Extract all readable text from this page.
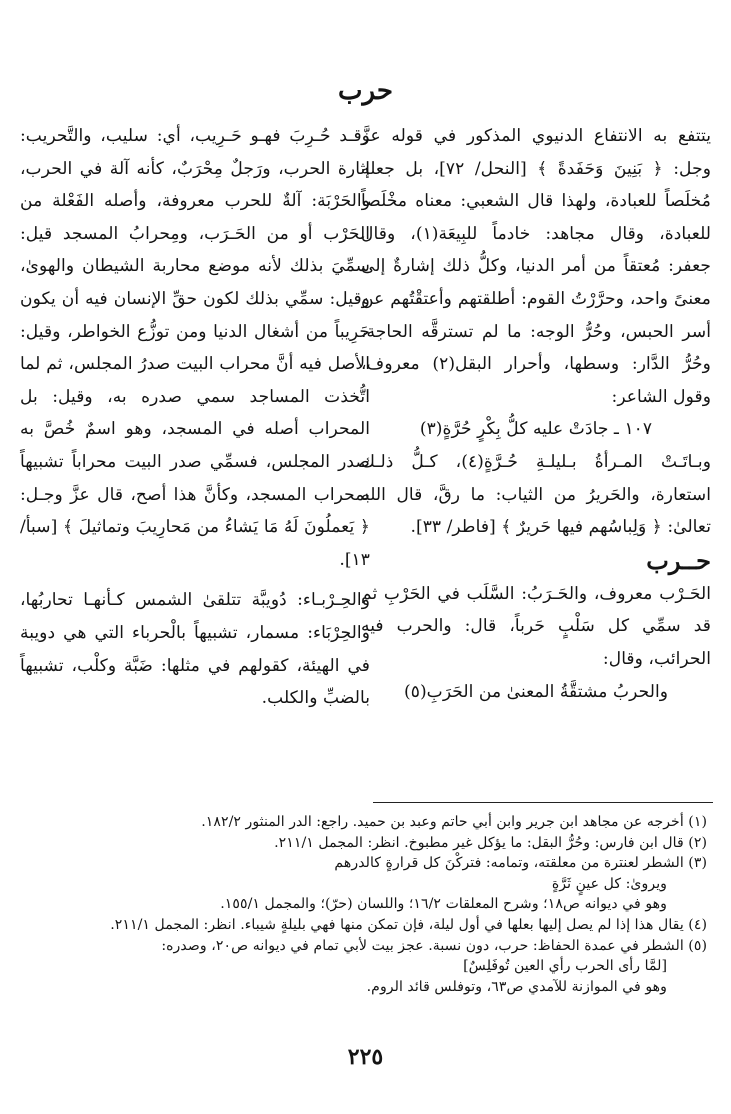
حرب

يتتفع به الانتفاع الدنيوي المذكور في قوله عزَّ وجل: ﴿ بَنِينَ وَحَفَدةً ﴾ [النحل/ ٧٢]، بل جعله مُخلَصاً للعبادة، ولهذا قال الشعبي: معناه مخْلَصاً للعبادة، وقال مجاهد: خادماً للبِيعَة(١)، وقال جعفر: مُعتقاً من أمر الدنيا، وكلُّ ذلك إشارةٌ إلى معنىً واحد، وحرَّرْتُ القوم: أطلقتهم وأعتقْتُهم عن أسر الحبس، وحُرُّ الوجه: ما لم تسترقَّه الحاجة، وحُرُّ الدَّار: وسطها، وأحرار البقل(٢) معروف، وقول الشاعر:

١٠٧ ـ جادَتْ عليه كلُّ بِكْرٍ حُرَّةٍ(٣)

وبـاتَـتْ المـرأةُ بـليلـةِ حُـرَّةٍ(٤)، كـلُّ ذلـك استعارة، والحَريرُ من الثياب: ما رقَّ، قال الله تعالىٰ: ﴿ وَلِباسُهم فيها حَريرٌ ﴾ [فاطر/ ٣٣].

حــرب

الحَـرْب معروف، والحَـرَبُ: السَّلَب في الحَرْبِ ثم قد سمِّي كل سَلْبٍ حَرباً، قال: والحرب فيه الحرائب، وقال:

والحربُ مشتقَّةُ المعنىٰ من الحَرَبِ(٥)

وقـد حُـرِبَ فهـو حَـرِيب، أي: سليب، والتَّحريب: إثارة الحرب، ورَجلٌ مِحْرَبٌ، كأنه آلة في الحرب، والحَرْبَة: آلةٌ للحرب معروفة، وأصله الفَعْلة من الحَرْب أو من الحَـرَب، ومِحرابُ المسجد قيل: سمِّيَ بذلك لأنه موضع محاربة الشيطان والهوىٰ، وقيل: سمِّي بذلك لكون حقِّ الإنسان فيه أن يكون حَرِيباً من أشغال الدنيا ومن توزُّع الخواطر، وقيل: الأصل فيه أنَّ محراب البيت صدرُ المجلس، ثم لما اتُّخذت المساجد سمي صدره به، وقيل: بل المحراب أصله في المسجد، وهو اسمٌ خُصَّ به صدر المجلس، فسمِّي صدر البيت محراباً تشبيهاً بمحراب المسجد، وكأنَّ هذا أصح، قال عزَّ وجـل: ﴿ يَعملُونَ لَهُ مَا يَشاءُ من مَحارِيبَ وتماثيلَ ﴾ [سبأ/ ١٣].

والحِـرْبـاء: دُويبَّة تتلقىٰ الشمس كـأنهـا تحاربُها، والحِرْبَاء: مسمار، تشبيهاً بالْحرباء التي هي دويبة في الهيئة، كقولهم في مثلها: ضَبَّة وكلْب، تشبيهاً بالضبِّ والكلب.

(١) أخرجه عن مجاهد ابن جرير وابن أبي حاتم وعبد بن حميد. راجع: الدر المنثور ١٨٢/٢.

(٢) قال ابن فارس: وحُرُّ البقل: ما يؤكل غير مطبوخ. انظر: المجمل ٢١١/١.

(٣) الشطر لعنترة من معلقته، وتمامه: فتركْنَ كل قرارةٍ كالدرهم

ويروىٰ: كل عينٍ ثَرَّةٍ

وهو في ديوانه ص١٨؛ وشرح المعلقات ١٦/٢؛ واللسان (حرّ)؛ والمجمل ١٥٥/١.

(٤) يقال هذا إذا لم يصل إليها بعلها في أول ليلة، فإن تمكن منها فهي بليلةٍ شيباء. انظر: المجمل ٢١١/١.

(٥) الشطر في عمدة الحفاظ: حرب، دون نسبة. عجز بيت لأبي تمام في ديوانه ص٢٠، وصدره:

[لمَّا رأى الحرب رأي العين تُوفَلِسٌ]

وهو في الموازنة للآمدي ص٦٣، وتوفلس قائد الروم.

٢٢٥
